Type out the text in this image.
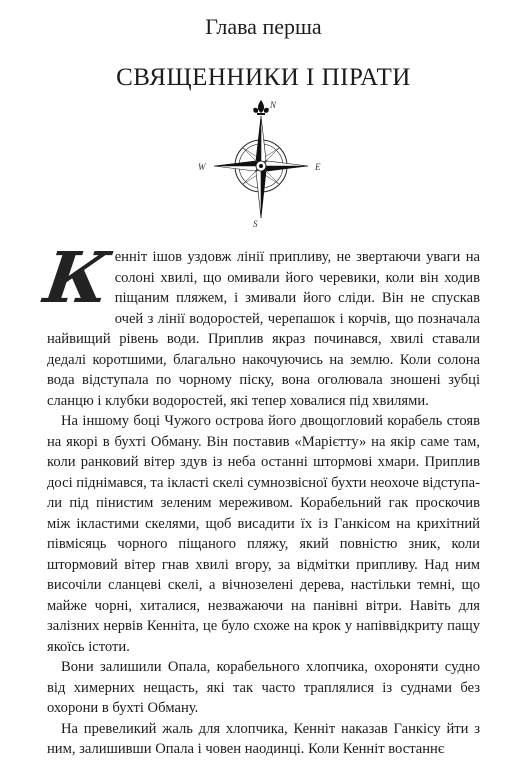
Глава перша
СВЯЩЕННИКИ І ПІРАТИ
N
W	E
S

Кенніт ішов уздовж лінії припливу, не звертаючи уваги на солоні хвилі, що омивали його черевики, коли він ходив піщаним пляжем, і змивали його сліди. Він не спускав очей з лінії водоростей, черепашок і корчів, що позначала найвищий рівень води. Приплив якраз починався, хвилі ставали дедалі коротшими, благально накочуючись на землю. Коли солона вода відступала по чорному піску, вона оголювала зношені зубці сланцю і клубки водоростей, які тепер ховалися під хвилями.

На іншому боці Чужого острова його двощогловий корабель стояв на якорі в бухті Обману. Він поставив «Марієтту» на якір саме там, коли ранковий вітер здув із неба останні штормові хмари. Приплив досі піднімався, та ікласті скелі сумнозвісної бухти неохоче відступали під пінистим зеленим мереживом. Корабельний гак проскочив між ікластими скелями, щоб висадити їх із Ганкісом на крихітний півмісяць чорного піщаного пляжу, який повністю зник, коли штормовий вітер гнав хвилі вгору, за відмітки припливу. Над ним височіли сланцеві скелі, а вічнозелені дерева, настільки темні, що майже чорні, хиталися, незважаючи на панівні вітри. Навіть для залізних нервів Кенніта, це було схоже на крок у напіввідкриту пащу якоїсь істоти.

Вони залишили Опала, корабельного хлопчика, охороняти судно від химерних нещасть, які так часто траплялися із суднами без охорони в бухті Обману.

На превеликий жаль для хлопчика, Кенніт наказав Ганкісу йти з ним, залишивши Опала і човен наодинці. Коли Кенніт востаннє
